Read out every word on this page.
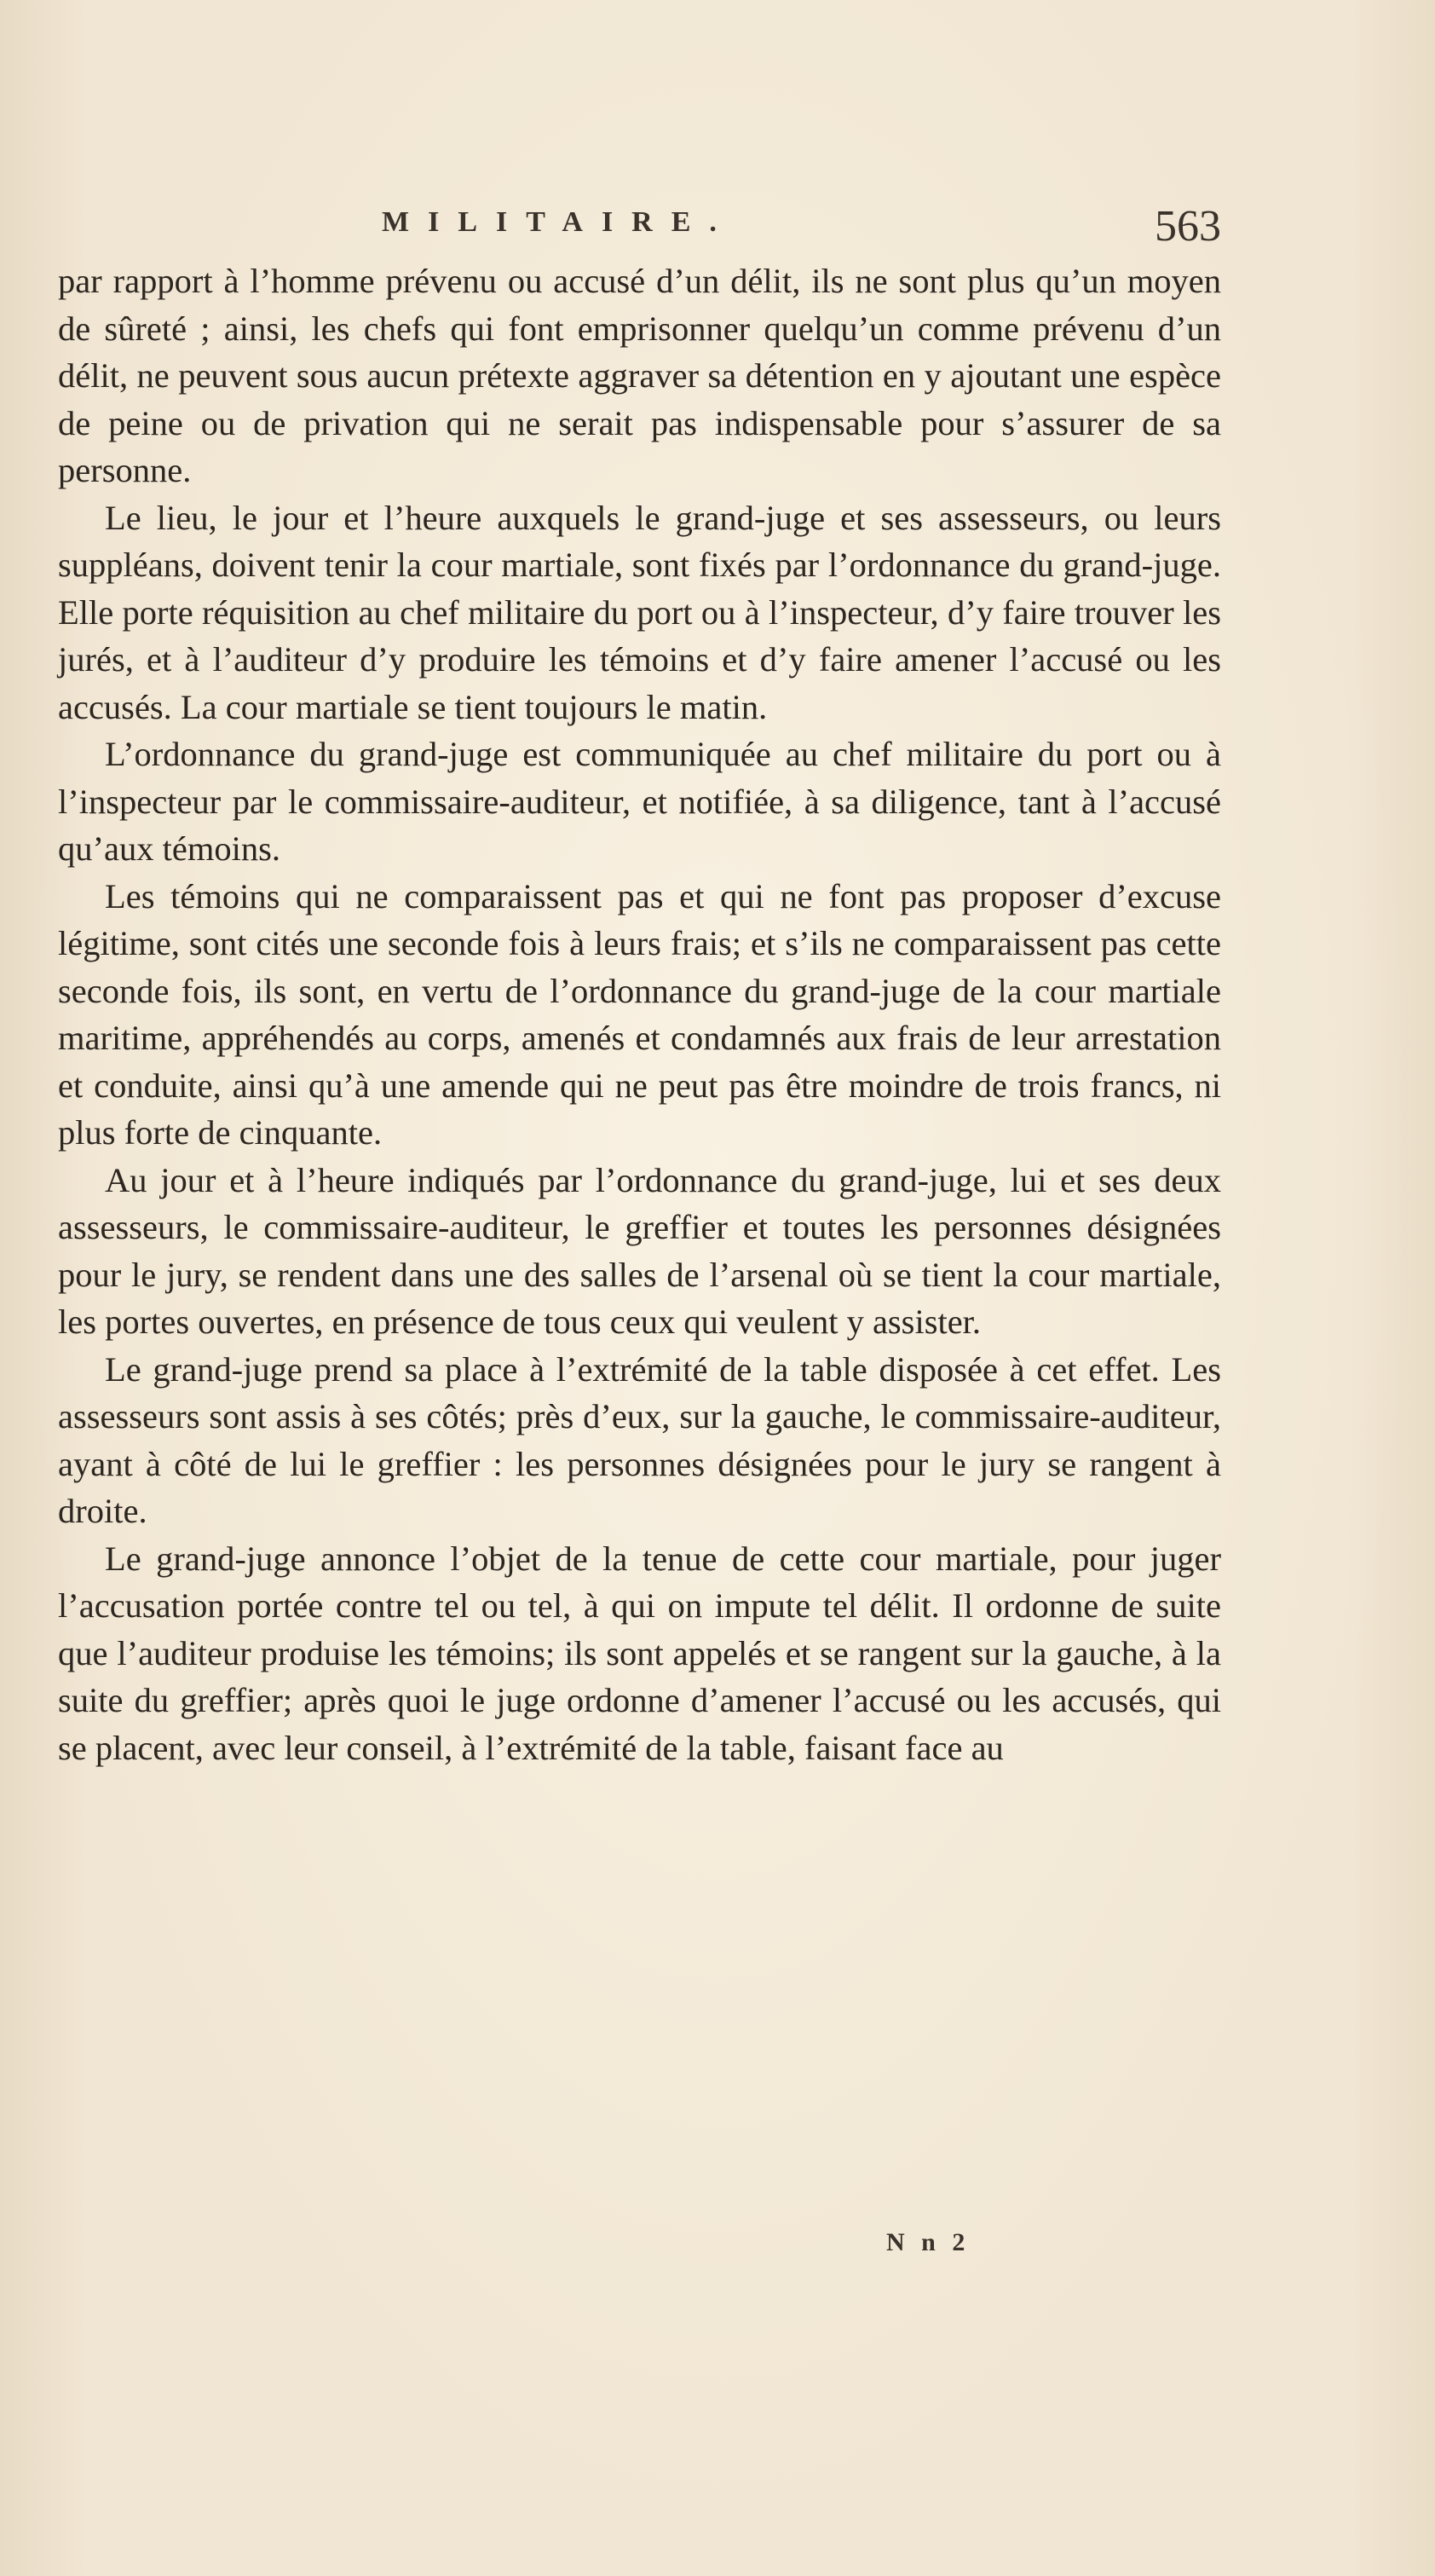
MILITAIRE.	563

par rapport à l’homme prévenu ou accusé d’un délit, ils ne sont plus qu’un moyen de sûreté ; ainsi, les chefs qui font emprisonner quelqu’un comme prévenu d’un délit, ne peuvent sous aucun prétexte aggraver sa détention en y ajoutant une espèce de peine ou de privation qui ne serait pas indispensable pour s’assurer de sa personne.

Le lieu, le jour et l’heure auxquels le grand-juge et ses assesseurs, ou leurs suppléans, doivent tenir la cour martiale, sont fixés par l’ordonnance du grand-juge. Elle porte réquisition au chef militaire du port ou à l’inspecteur, d’y faire trouver les jurés, et à l’auditeur d’y produire les témoins et d’y faire amener l’accusé ou les accusés. La cour martiale se tient toujours le matin.

L’ordonnance du grand-juge est communiquée au chef militaire du port ou à l’inspecteur par le commissaire-auditeur, et notifiée, à sa diligence, tant à l’accusé qu’aux témoins.

Les témoins qui ne comparaissent pas et qui ne font pas proposer d’excuse légitime, sont cités une seconde fois à leurs frais; et s’ils ne comparaissent pas cette seconde fois, ils sont, en vertu de l’ordonnance du grand-juge de la cour martiale maritime, appréhendés au corps, amenés et condamnés aux frais de leur arrestation et conduite, ainsi qu’à une amende qui ne peut pas être moindre de trois francs, ni plus forte de cinquante.

Au jour et à l’heure indiqués par l’ordonnance du grand-juge, lui et ses deux assesseurs, le commissaire-auditeur, le greffier et toutes les personnes désignées pour le jury, se rendent dans une des salles de l’arsenal où se tient la cour martiale, les portes ouvertes, en présence de tous ceux qui veulent y assister.

Le grand-juge prend sa place à l’extrémité de la table disposée à cet effet. Les assesseurs sont assis à ses côtés; près d’eux, sur la gauche, le commissaire-auditeur, ayant à côté de lui le greffier : les personnes désignées pour le jury se rangent à droite.

Le grand-juge annonce l’objet de la tenue de cette cour martiale, pour juger l’accusation portée contre tel ou tel, à qui on impute tel délit. Il ordonne de suite que l’auditeur produise les témoins; ils sont appelés et se rangent sur la gauche, à la suite du greffier; après quoi le juge ordonne d’amener l’accusé ou les accusés, qui se placent, avec leur conseil, à l’extrémité de la table, faisant face au

N n 2
